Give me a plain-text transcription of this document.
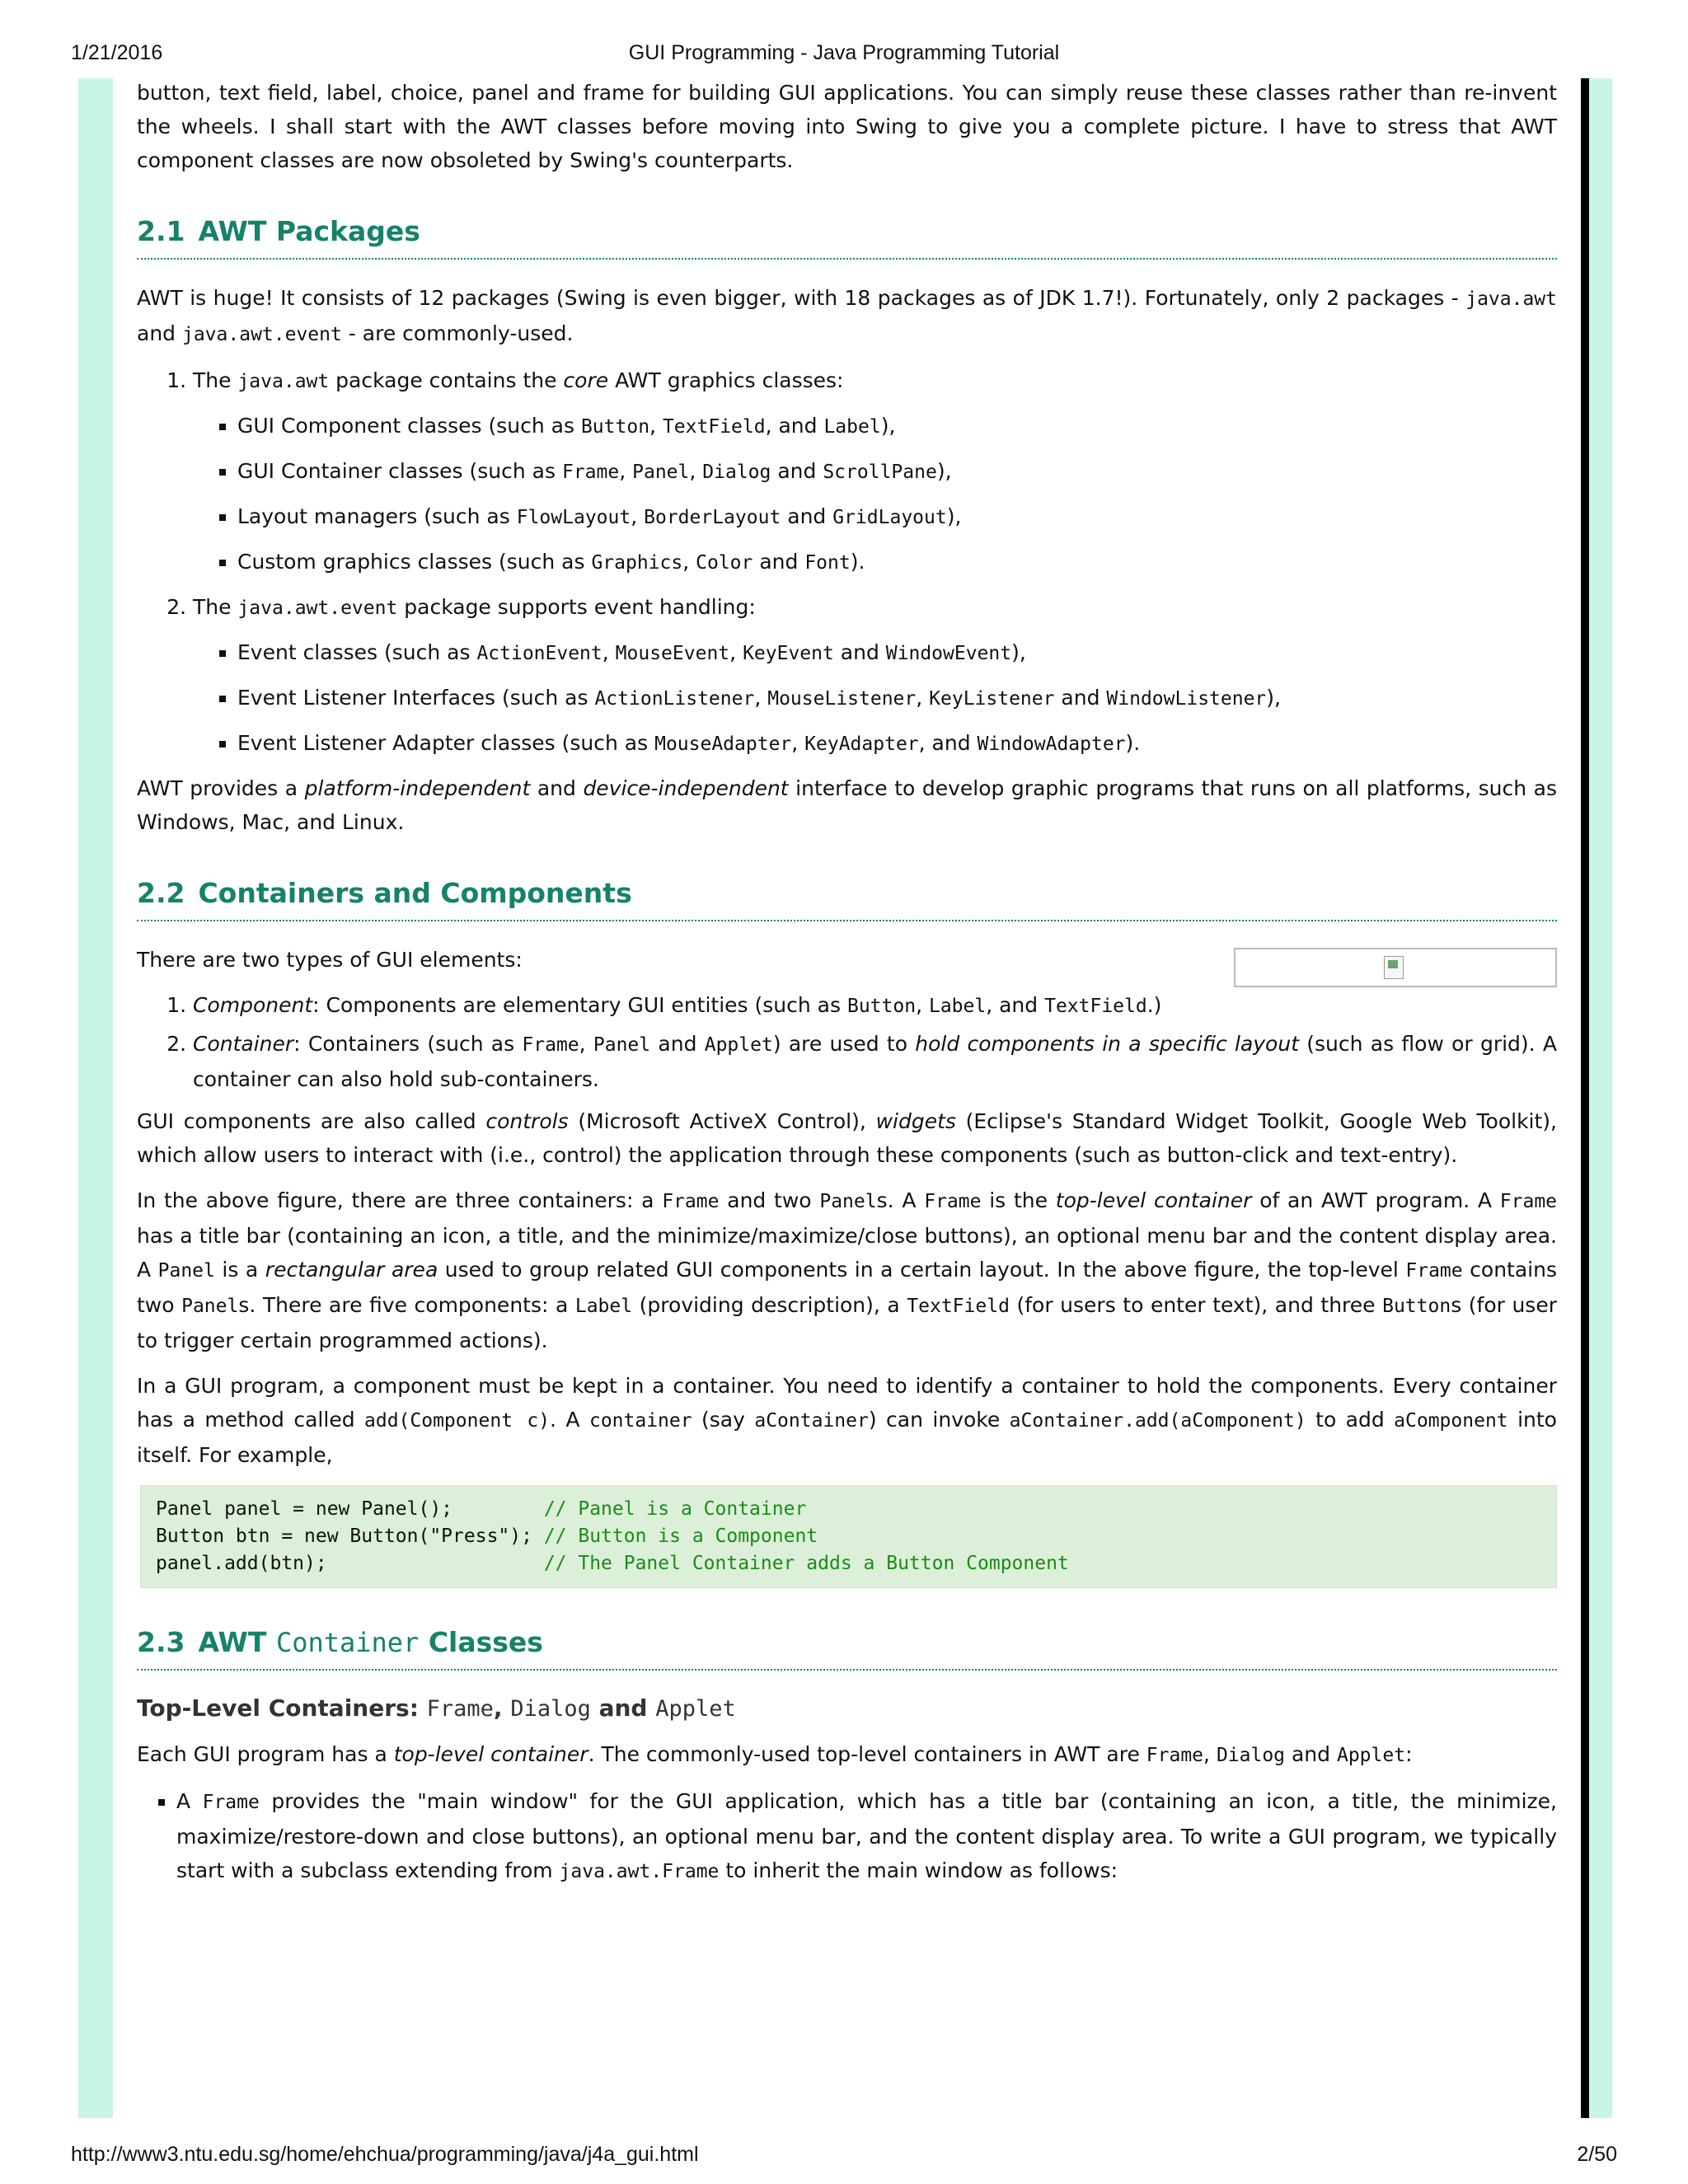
1/21/2016	GUI Programming - Java Programming Tutorial

button, text field, label, choice, panel and frame for building GUI applications. You can simply reuse these classes rather than re-invent the wheels. I shall start with the AWT classes before moving into Swing to give you a complete picture. I have to stress that AWT component classes are now obsoleted by Swing's counterparts.

2.1 AWT Packages

AWT is huge! It consists of 12 packages (Swing is even bigger, with 18 packages as of JDK 1.7!). Fortunately, only 2 packages - java.awt and java.awt.event - are commonly-used.

1. The java.awt package contains the core AWT graphics classes:
▪ GUI Component classes (such as Button, TextField, and Label),
▪ GUI Container classes (such as Frame, Panel, Dialog and ScrollPane),
▪ Layout managers (such as FlowLayout, BorderLayout and GridLayout),
▪ Custom graphics classes (such as Graphics, Color and Font).
2. The java.awt.event package supports event handling:
▪ Event classes (such as ActionEvent, MouseEvent, KeyEvent and WindowEvent),
▪ Event Listener Interfaces (such as ActionListener, MouseListener, KeyListener and WindowListener),
▪ Event Listener Adapter classes (such as MouseAdapter, KeyAdapter, and WindowAdapter).

AWT provides a platform-independent and device-independent interface to develop graphic programs that runs on all platforms, such as Windows, Mac, and Linux.

2.2 Containers and Components

There are two types of GUI elements:

1. Component: Components are elementary GUI entities (such as Button, Label, and TextField.)
2. Container: Containers (such as Frame, Panel and Applet) are used to hold components in a specific layout (such as flow or grid). A container can also hold sub-containers.

GUI components are also called controls (Microsoft ActiveX Control), widgets (Eclipse's Standard Widget Toolkit, Google Web Toolkit), which allow users to interact with (i.e., control) the application through these components (such as button-click and text-entry).

In the above figure, there are three containers: a Frame and two Panels. A Frame is the top-level container of an AWT program. A Frame has a title bar (containing an icon, a title, and the minimize/maximize/close buttons), an optional menu bar and the content display area. A Panel is a rectangular area used to group related GUI components in a certain layout. In the above figure, the top-level Frame contains two Panels. There are five components: a Label (providing description), a TextField (for users to enter text), and three Buttons (for user to trigger certain programmed actions).

In a GUI program, a component must be kept in a container. You need to identify a container to hold the components. Every container has a method called add(Component c). A container (say aContainer) can invoke aContainer.add(aComponent) to add aComponent into itself. For example,

Panel panel = new Panel();        // Panel is a Container
Button btn = new Button("Press"); // Button is a Component
panel.add(btn);                   // The Panel Container adds a Button Component
2.3 AWT Container Classes
Top-Level Containers: Frame, Dialog and Applet

Each GUI program has a top-level container. The commonly-used top-level containers in AWT are Frame, Dialog and Applet:

▪ A Frame provides the "main window" for the GUI application, which has a title bar (containing an icon, a title, the minimize, maximize/restore-down and close buttons), an optional menu bar, and the content display area. To write a GUI program, we typically start with a subclass extending from java.awt.Frame to inherit the main window as follows:
http://www3.ntu.edu.sg/home/ehchua/programming/java/j4a_gui.html	2/50
